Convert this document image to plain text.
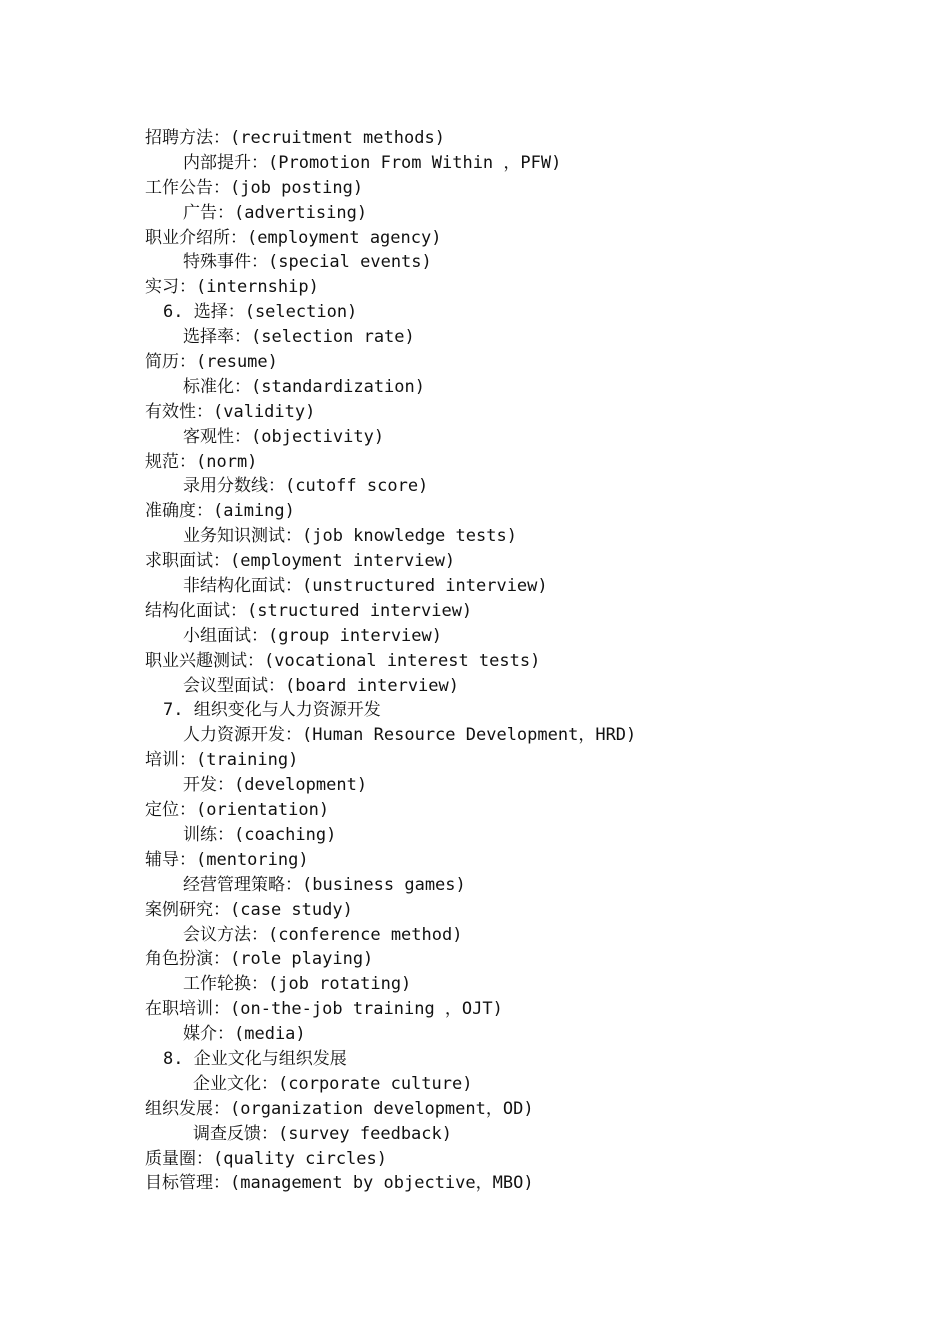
招聘方法：(recruitment methods)
内部提升：(Promotion From Within ，PFW)
工作公告：(job posting)
广告：(advertising)
职业介绍所：(employment agency)
特殊事件：(special events)
实习：(internship)
6. 选择：(selection)
选择率：(selection rate)
简历：(resume)
标准化：(standardization)
有效性：(validity)
客观性：(objectivity)
规范：(norm)
录用分数线：(cutoff score)
准确度：(aiming)
业务知识测试：(job knowledge tests)
求职面试：(employment interview)
非结构化面试：(unstructured interview)
结构化面试：(structured interview)
小组面试：(group interview)
职业兴趣测试：(vocational interest tests)
会议型面试：(board interview)
7. 组织变化与人力资源开发
人力资源开发：(Human Resource Development，HRD)
培训：(training)
开发：(development)
定位：(orientation)
训练：(coaching)
辅导：(mentoring)
经营管理策略：(business games)
案例研究：(case study)
会议方法：(conference method)
角色扮演：(role playing)
工作轮换：(job rotating)
在职培训：(on-the-job training ，OJT)
媒介：(media)
8. 企业文化与组织发展
企业文化：(corporate culture)
组织发展：(organization development，OD)
调查反馈：(survey feedback)
质量圈：(quality circles)
目标管理：(management by objective，MBO)
